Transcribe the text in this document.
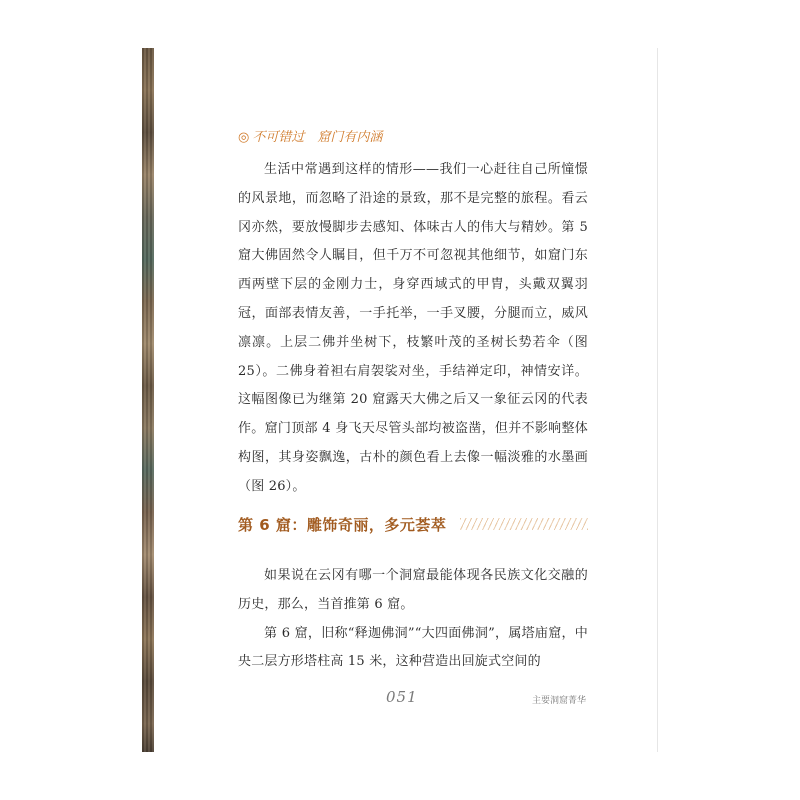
◎ 不可错过　窟门有内涵

生活中常遇到这样的情形——我们一心赶往自己所憧憬的风景地，而忽略了沿途的景致，那不是完整的旅程。看云冈亦然，要放慢脚步去感知、体味古人的伟大与精妙。第 5 窟大佛固然令人瞩目，但千万不可忽视其他细节，如窟门东西两壁下层的金刚力士，身穿西域式的甲胄，头戴双翼羽冠，面部表情友善，一手托举，一手叉腰，分腿而立，威风凛凛。上层二佛并坐树下，枝繁叶茂的圣树长势若伞（图 25）。二佛身着袒右肩袈裟对坐，手结禅定印，神情安详。这幅图像已为继第 20 窟露天大佛之后又一象征云冈的代表作。窟门顶部 4 身飞天尽管头部均被盗凿，但并不影响整体构图，其身姿飘逸，古朴的颜色看上去像一幅淡雅的水墨画（图 26）。

第 6 窟：雕饰奇丽，多元荟萃

如果说在云冈有哪一个洞窟最能体现各民族文化交融的历史，那么，当首推第 6 窟。

第 6 窟，旧称“释迦佛洞”“大四面佛洞”，属塔庙窟，中央二层方形塔柱高 15 米，这种营造出回旋式空间的

051	主要洞窟菁华
